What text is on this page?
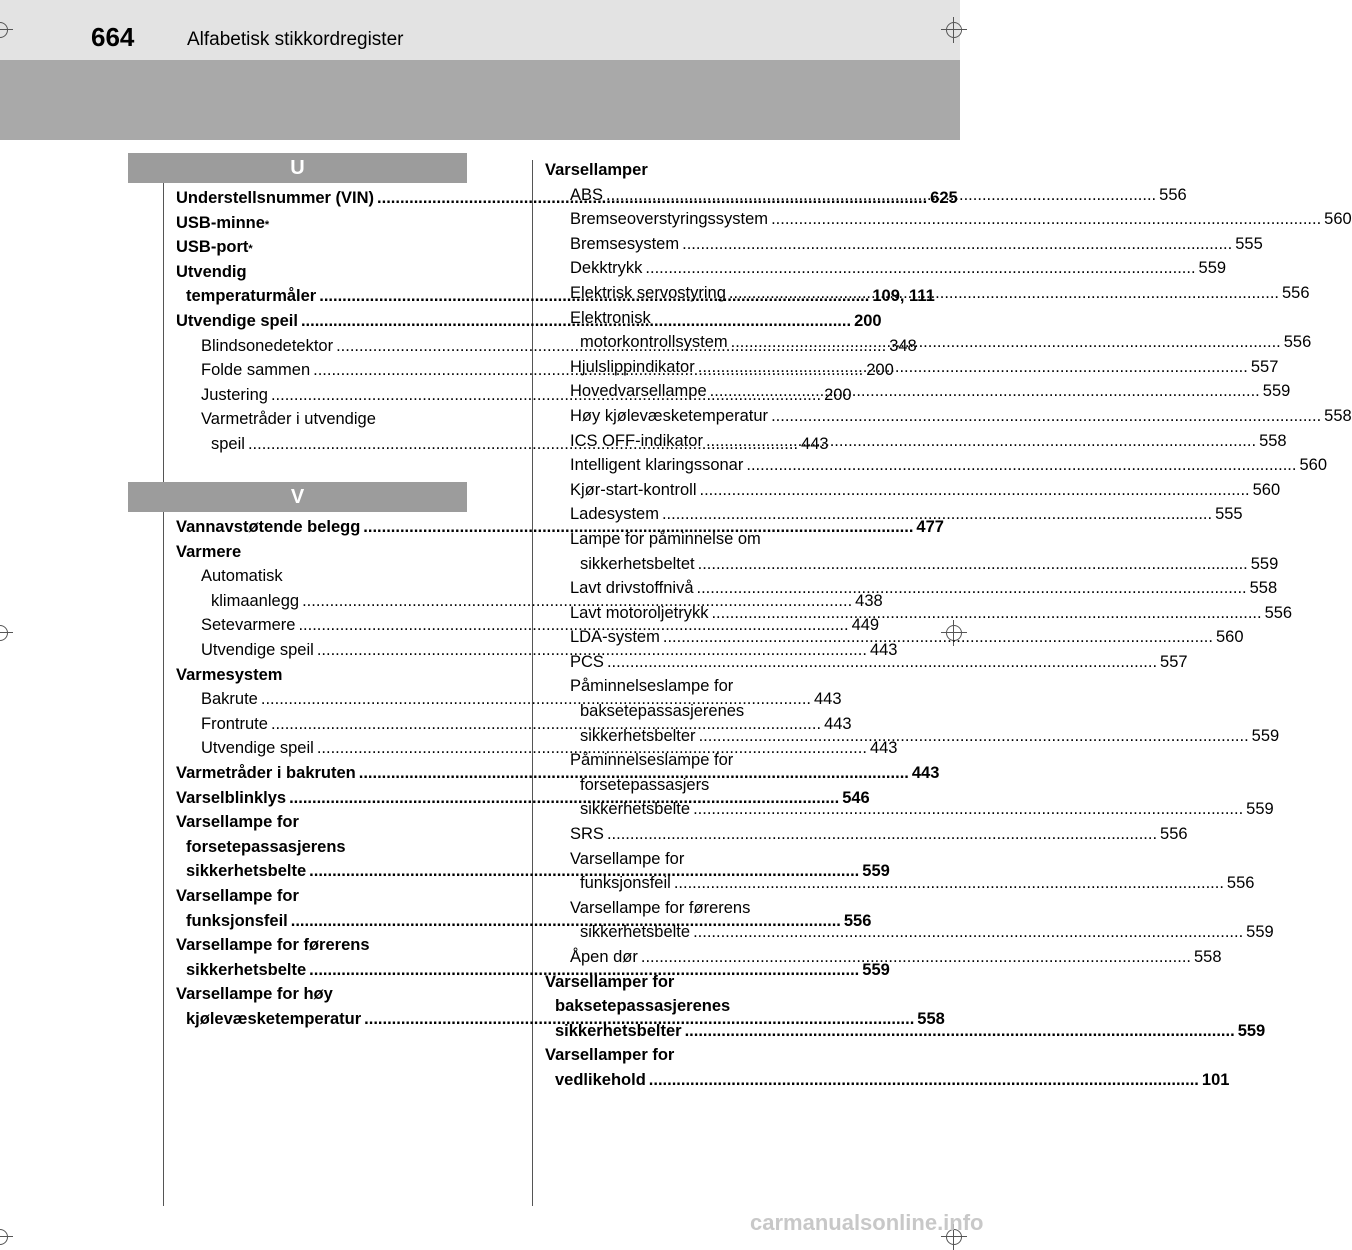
664	Alfabetisk stikkordregister
U
Understellsnummer (VIN) .....	625
USB-minne *
USB-port *
Utvendig
temperaturmåler .....	109, 111
Utvendige speil .....	200
Blindsonedetektor .....	348
Folde sammen .....	200
Justering .....	200
Varmetråder i utvendige
speil .....	443
V
Vannavstøtende belegg .....	477
Varmere
Automatisk
klimaanlegg .....	438
Setevarmere .....	449
Utvendige speil .....	443
Varmesystem
Bakrute .....	443
Frontrute .....	443
Utvendige speil .....	443
Varmetråder i bakruten .....	443
Varselblinklys .....	546
Varsellampe for
forsetepassasjerens
sikkerhetsbelte .....	559
Varsellampe for
funksjonsfeil .....	556
Varsellampe for førerens
sikkerhetsbelte .....	559
Varsellampe for høy
kjølevæsketemperatur .....	558
Varsellamper
ABS .....	556
Bremseoverstyringssystem .....	560
Bremsesystem .....	555
Dekktrykk .....	559
Elektrisk servostyring .....	556
Elektronisk
motorkontrollsystem .....	556
Hjulslippindikator .....	557
Hovedvarsellampe .....	559
Høy kjølevæsketemperatur .....	558
ICS OFF-indikator .....	558
Intelligent klaringssonar .....	560
Kjør-start-kontroll .....	560
Ladesystem .....	555
Lampe for påminnelse om
sikkerhetsbeltet .....	559
Lavt drivstoffnivå .....	558
Lavt motoroljetrykk .....	556
LDA-system .....	560
PCS .....	557
Påminnelseslampe for
baksetepassasjerenes
sikkerhetsbelter .....	559
Påminnelseslampe for
forsetepassasjers
sikkerhetsbelte .....	559
SRS .....	556
Varsellampe for
funksjonsfeil .....	556
Varsellampe for førerens
sikkerhetsbelte .....	559
Åpen dør .....	558
Varsellamper for
baksetepassasjerenes
sikkerhetsbelter .....	559
Varsellamper for
vedlikehold .....	101
carmanualsonline.info
